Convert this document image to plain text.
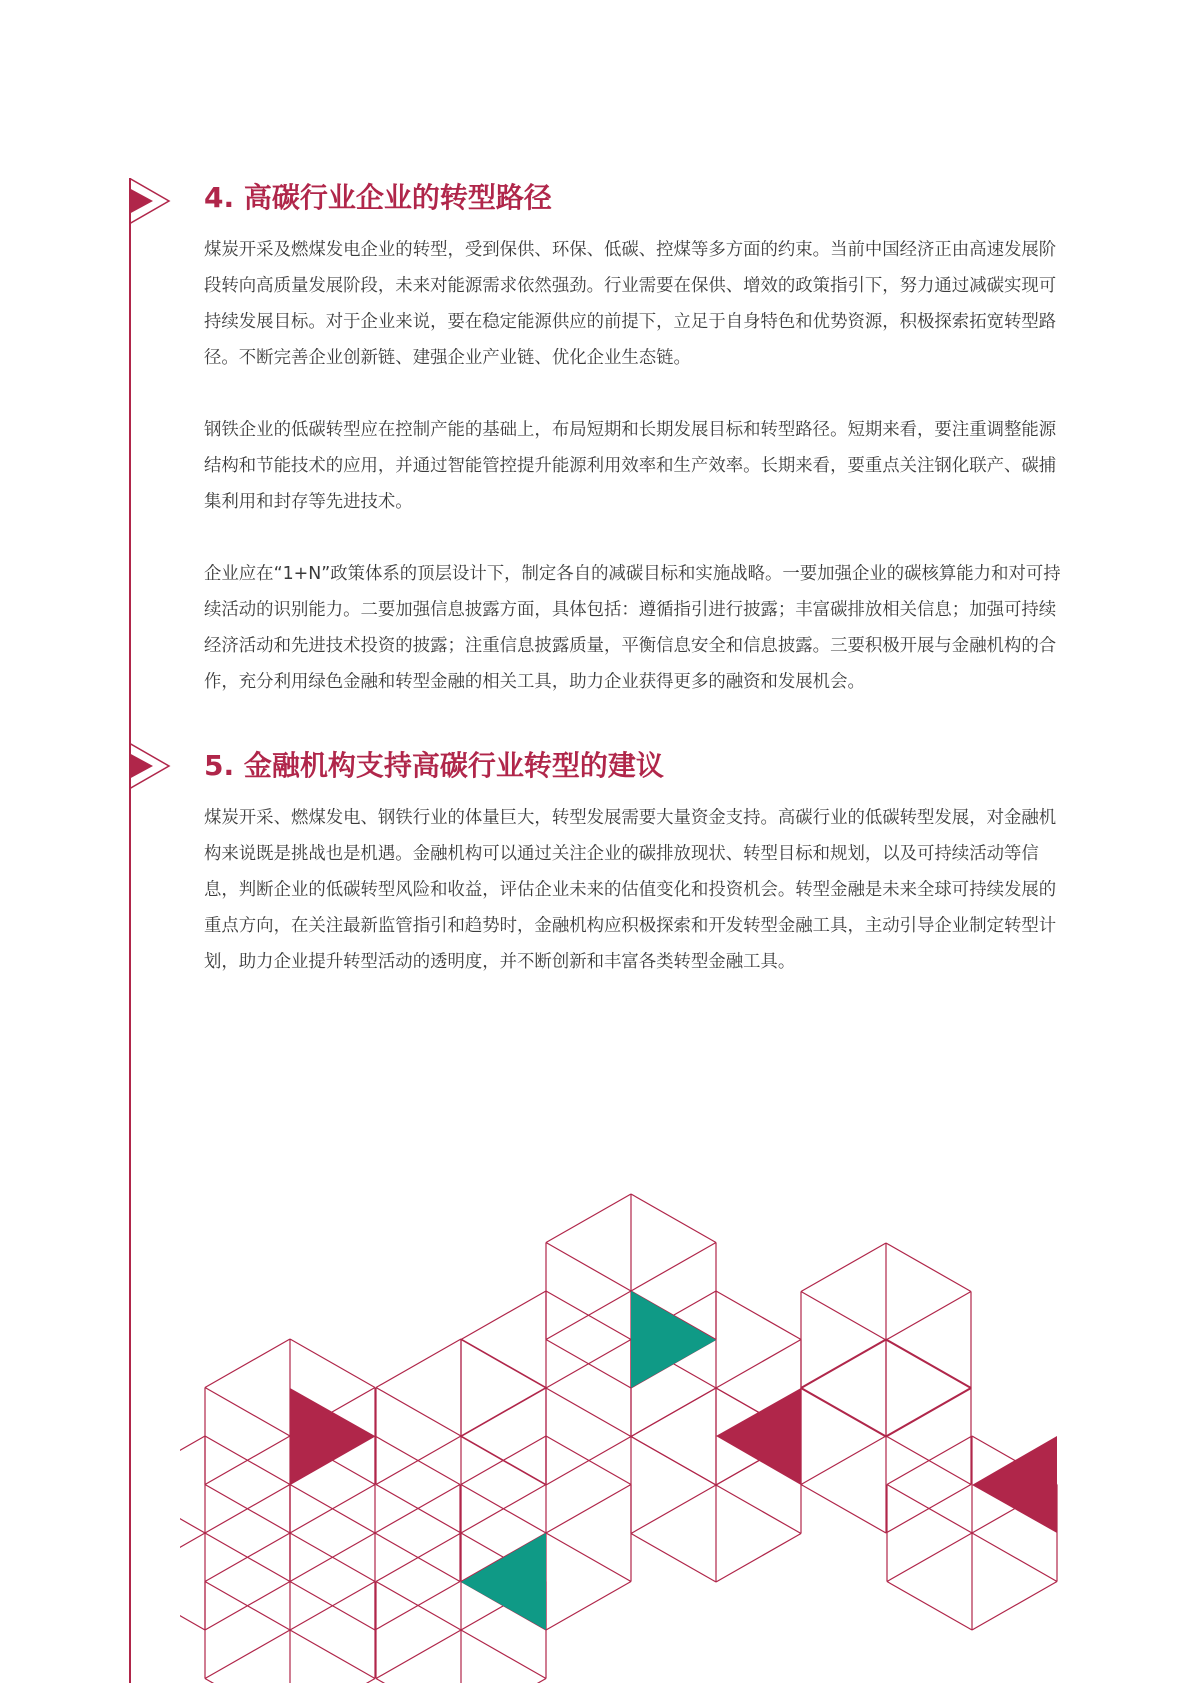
4. 高碳行业企业的转型路径

煤炭开采及燃煤发电企业的转型，受到保供、环保、低碳、控煤等多方面的约束。当前中国经济正由高速发展阶段转向高质量发展阶段，未来对能源需求依然强劲。行业需要在保供、增效的政策指引下，努力通过减碳实现可持续发展目标。对于企业来说，要在稳定能源供应的前提下，立足于自身特色和优势资源，积极探索拓宽转型路径。不断完善企业创新链、建强企业产业链、优化企业生态链。

钢铁企业的低碳转型应在控制产能的基础上，布局短期和长期发展目标和转型路径。短期来看，要注重调整能源结构和节能技术的应用，并通过智能管控提升能源利用效率和生产效率。长期来看，要重点关注钢化联产、碳捕集利用和封存等先进技术。

企业应在“1+N”政策体系的顶层设计下，制定各自的减碳目标和实施战略。一要加强企业的碳核算能力和对可持续活动的识别能力。二要加强信息披露方面，具体包括：遵循指引进行披露；丰富碳排放相关信息；加强可持续经济活动和先进技术投资的披露；注重信息披露质量，平衡信息安全和信息披露。三要积极开展与金融机构的合作，充分利用绿色金融和转型金融的相关工具，助力企业获得更多的融资和发展机会。

5. 金融机构支持高碳行业转型的建议

煤炭开采、燃煤发电、钢铁行业的体量巨大，转型发展需要大量资金支持。高碳行业的低碳转型发展，对金融机构来说既是挑战也是机遇。金融机构可以通过关注企业的碳排放现状、转型目标和规划，以及可持续活动等信息，判断企业的低碳转型风险和收益，评估企业未来的估值变化和投资机会。转型金融是未来全球可持续发展的重点方向，在关注最新监管指引和趋势时，金融机构应积极探索和开发转型金融工具，主动引导企业制定转型计划，助力企业提升转型活动的透明度，并不断创新和丰富各类转型金融工具。
